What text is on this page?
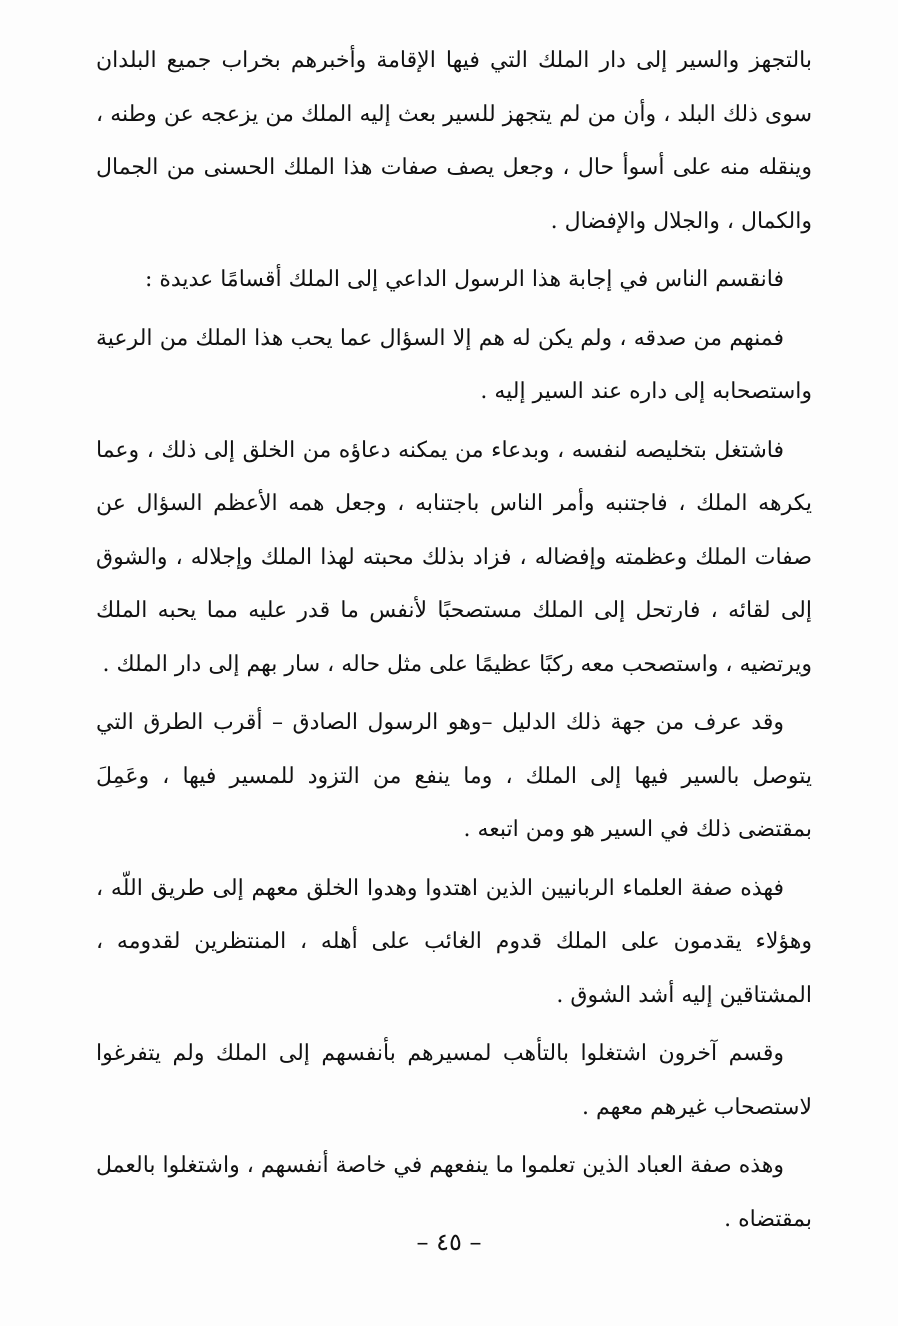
بالتجهز والسير إلى دار الملك التي فيها الإقامة وأخبرهم بخراب جميع البلدان سوى ذلك البلد ، وأن من لم يتجهز للسير بعث إليه الملك من يزعجه عن وطنه ، وينقله منه على أسوأ حال ، وجعل يصف صفات هذا الملك الحسنى من الجمال والكمال ، والجلال والإفضال .

فانقسم الناس في إجابة هذا الرسول الداعي إلى الملك أقسامًا عديدة :

فمنهم من صدقه ، ولم يكن له هم إلا السؤال عما يحب هذا الملك من الرعية واستصحابه إلى داره عند السير إليه .

فاشتغل بتخليصه لنفسه ، وبدعاء من يمكنه دعاؤه من الخلق إلى ذلك ، وعما يكرهه الملك ، فاجتنبه وأمر الناس باجتنابه ، وجعل همه الأعظم السؤال عن صفات الملك وعظمته وإفضاله ، فزاد بذلك محبته لهذا الملك وإجلاله ، والشوق إلى لقائه ، فارتحل إلى الملك مستصحبًا لأنفس ما قدر عليه مما يحبه الملك ويرتضيه ، واستصحب معه ركبًا عظيمًا على مثل حاله ، سار بهم إلى دار الملك .

وقد عرف من جهة ذلك الدليل –وهو الرسول الصادق – أقرب الطرق التي يتوصل بالسير فيها إلى الملك ، وما ينفع من التزود للمسير فيها ، وعَمِلَ بمقتضى ذلك في السير هو ومن اتبعه .

فهذه صفة العلماء الربانيين الذين اهتدوا وهدوا الخلق معهم إلى طريق اللّه ، وهؤلاء يقدمون على الملك قدوم الغائب على أهله ، المنتظرين لقدومه ، المشتاقين إليه أشد الشوق .

وقسم آخرون اشتغلوا بالتأهب لمسيرهم بأنفسهم إلى الملك ولم يتفرغوا لاستصحاب غيرهم معهم .

وهذه صفة العباد الذين تعلموا ما ينفعهم في خاصة أنفسهم ، واشتغلوا بالعمل بمقتضاه .

– ٤٥ –
